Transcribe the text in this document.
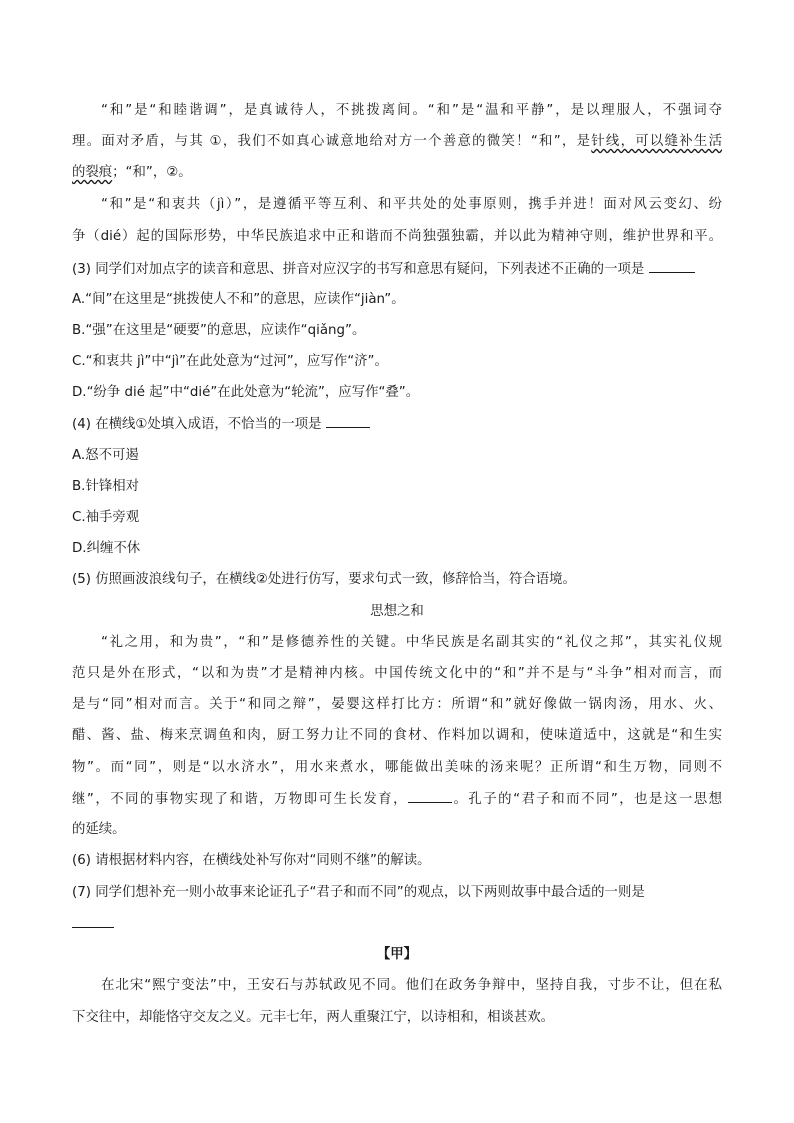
“和”是“和睦谐调”，是真诚待人，不挑拨离间。“和”是“温和平静”，是以理服人，不强词夺
理。面对矛盾，与其 ①，我们不如真心诚意地给对方一个善意的微笑！“和”，是针线，可以缝补生活
的裂痕；“和”，②。
“和”是“和衷共（jì）”，是遵循平等互利、和平共处的处事原则，携手并进！面对风云变幻、纷
争（dié）起的国际形势，中华民族追求中正和谐而不尚独强独霸，并以此为精神守则，维护世界和平。
(3) 同学们对加点字的读音和意思、拼音对应汉字的书写和意思有疑问，下列表述不正确的一项是
A.“间”在这里是“挑拨使人不和”的意思，应读作“jiàn”。
B.“强”在这里是“硬要”的意思，应读作“qiǎng”。
C.“和衷共 jì”中“jì”在此处意为“过河”，应写作“济”。
D.“纷争 dié 起”中“dié”在此处意为“轮流”，应写作“叠”。
(4) 在横线①处填入成语，不恰当的一项是
A.怒不可遏
B.针锋相对
C.袖手旁观
D.纠缠不休
(5) 仿照画波浪线句子，在横线②处进行仿写，要求句式一致，修辞恰当，符合语境。
思想之和
“礼之用，和为贵”，“和”是修德养性的关键。中华民族是名副其实的“礼仪之邦”，其实礼仪规
范只是外在形式，“以和为贵”才是精神内核。中国传统文化中的“和”并不是与“斗争”相对而言，而
是与“同”相对而言。关于“和同之辩”，晏婴这样打比方：所谓“和”就好像做一锅肉汤，用水、火、
醋、酱、盐、梅来烹调鱼和肉，厨工努力让不同的食材、作料加以调和，使味道适中，这就是“和生实
物”。而“同”，则是“以水济水”，用水来煮水，哪能做出美味的汤来呢？正所谓“和生万物，同则不
继”，不同的事物实现了和谐，万物即可生长发育，	。孔子的“君子和而不同”，也是这一思想
的延续。
(6) 请根据材料内容，在横线处补写你对“同则不继”的解读。
(7) 同学们想补充一则小故事来论证孔子“君子和而不同”的观点，以下两则故事中最合适的一则是
【甲】
在北宋“熙宁变法”中，王安石与苏轼政见不同。他们在政务争辩中，坚持自我，寸步不让，但在私
下交往中，却能恪守交友之义。元丰七年，两人重聚江宁，以诗相和，相谈甚欢。
